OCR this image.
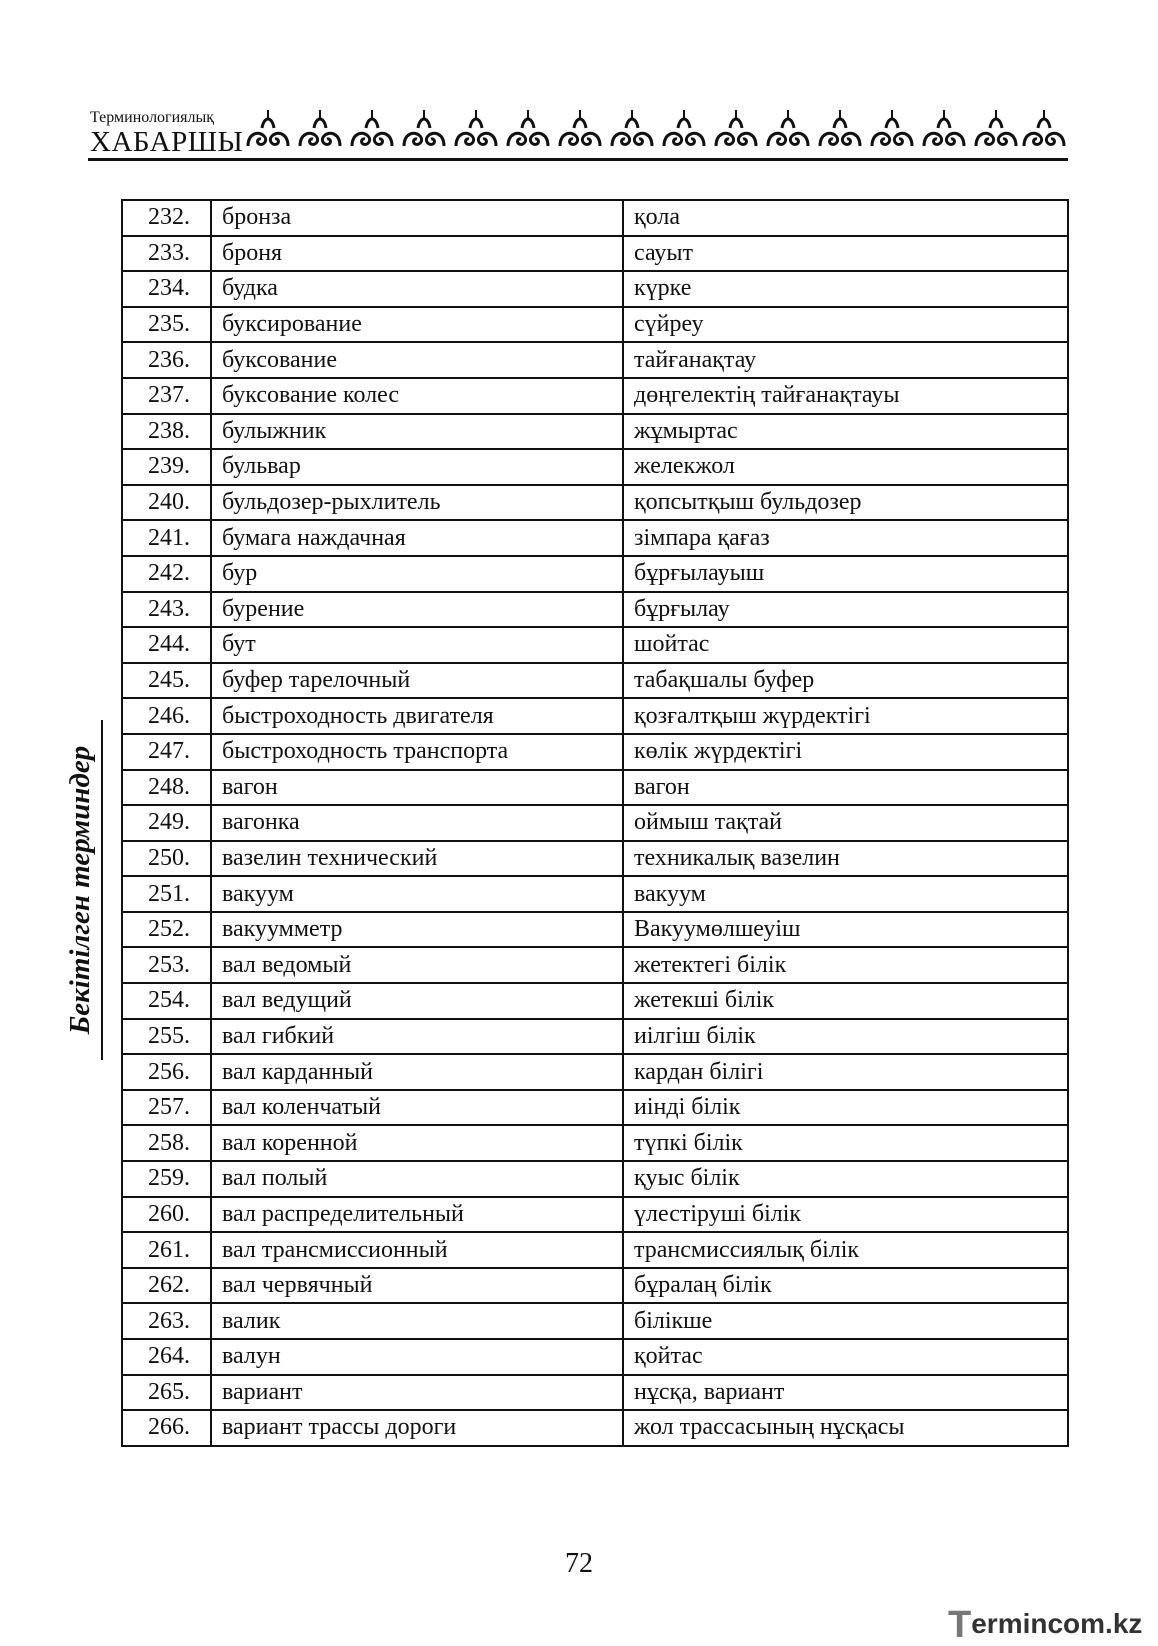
Терминологиялық
ХАБАРШЫ
Бекітілген терминдер
232.	бронза	қола
233.	броня	сауыт
234.	будка	күрке
235.	буксирование	сүйреу
236.	буксование	тайғанақтау
237.	буксование колес	дөңгелектің тайғанақтауы
238.	булыжник	жұмыртас
239.	бульвар	желекжол
240.	бульдозер-рыхлитель	қопсытқыш бульдозер
241.	бумага наждачная	зімпара қағаз
242.	бур	бұрғылауыш
243.	бурение	бұрғылау
244.	бут	шойтас
245.	буфер тарелочный	табақшалы буфер
246.	быстроходность двигателя	қозғалтқыш жүрдектігі
247.	быстроходность транспорта	көлік жүрдектігі
248.	вагон	вагон
249.	вагонка	оймыш тақтай
250.	вазелин технический	техникалық вазелин
251.	вакуум	вакуум
252.	вакуумметр	Вакуумөлшеуіш
253.	вал ведомый	жетектегі білік
254.	вал ведущий	жетекші білік
255.	вал гибкий	иілгіш білік
256.	вал карданный	кардан білігі
257.	вал коленчатый	иінді білік
258.	вал коренной	түпкі білік
259.	вал полый	қуыс білік
260.	вал распределительный	үлестіруші білік
261.	вал трансмиссионный	трансмиссиялық білік
262.	вал червячный	бұралаң білік
263.	валик	білікше
264.	валун	қойтас
265.	вариант	нұсқа, вариант
266.	вариант трассы дороги	жол трассасының нұсқасы
72
Termincom.kz
